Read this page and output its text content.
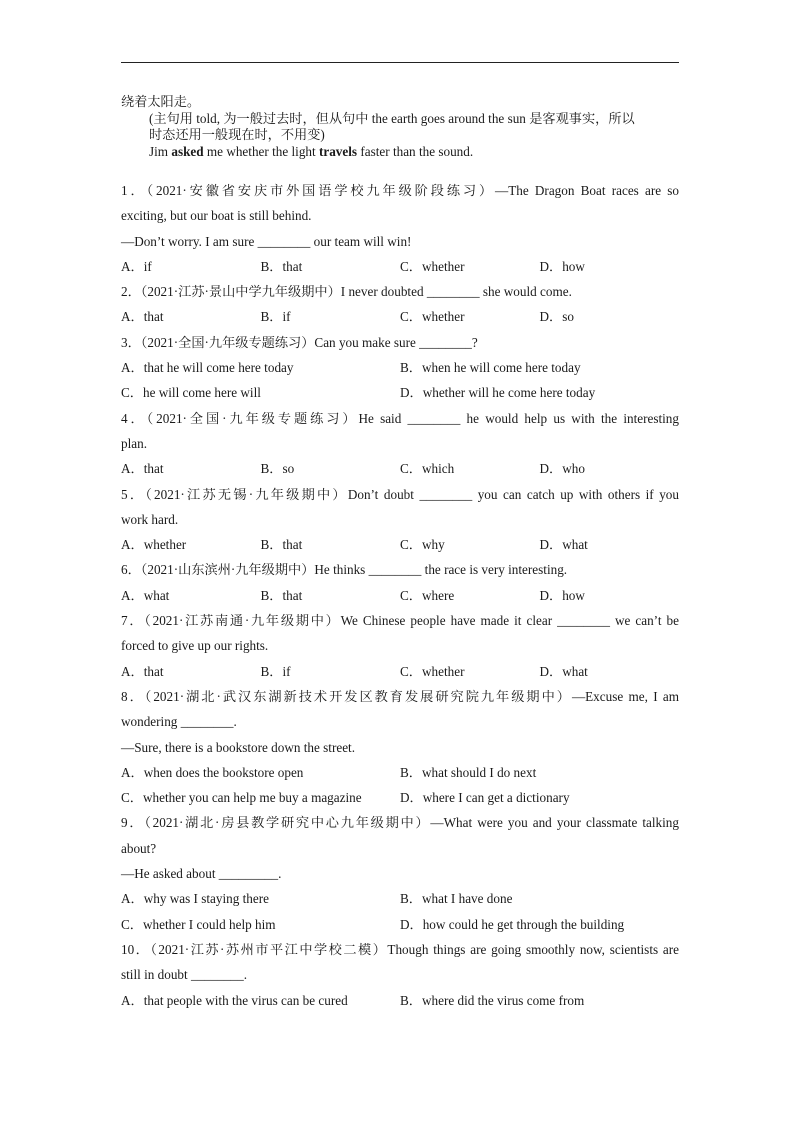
绕着太阳走。
(主句用 told, 为一般过去时，但从句中 the earth goes around the sun 是客观事实，所以
时态还用一般现在时，不用变)
Jim asked me whether the light travels faster than the sound.
1．（2021·安徽省安庆市外国语学校九年级阶段练习）—The Dragon Boat races are so
exciting, but our boat is still behind.
—Don’t worry. I am sure ________ our team will win!
A．if	B．that	C．whether	D．how
2．（2021·江苏·景山中学九年级期中）I never doubted ________ she would come.
A．that	B．if	C．whether	D．so
3．（2021·全国·九年级专题练习）Can you make sure ________?
A．that he will come here today	B．when he will come here today
C．he will come here will	D．whether will he come here today
4．（2021·全国·九年级专题练习）He said ________ he would help us with the interesting
plan.
A．that	B．so	C．which	D．who
5．（2021·江苏无锡·九年级期中）Don’t doubt ________ you can catch up with others if you
work hard.
A．whether	B．that	C．why	D．what
6．（2021·山东滨州·九年级期中）He thinks ________ the race is very interesting.
A．what	B．that	C．where	D．how
7．（2021·江苏南通·九年级期中）We Chinese people have made it clear ________ we can’t be
forced to give up our rights.
A．that	B．if	C．whether	D．what
8．（2021·湖北·武汉东湖新技术开发区教育发展研究院九年级期中）—Excuse me, I am
wondering ________.
—Sure, there is a bookstore down the street.
A．when does the bookstore open	B．what should I do next
C．whether you can help me buy a magazine	D．where I can get a dictionary
9．（2021·湖北·房县教学研究中心九年级期中）—What were you and your classmate talking
about?
—He asked about _________.
A．why was I staying there	B．what I have done
C．whether I could help him	D．how could he get through the building
10．（2021·江苏·苏州市平江中学校二模）Though things are going smoothly now, scientists are
still in doubt ________.
A．that people with the virus can be cured	B．where did the virus come from
